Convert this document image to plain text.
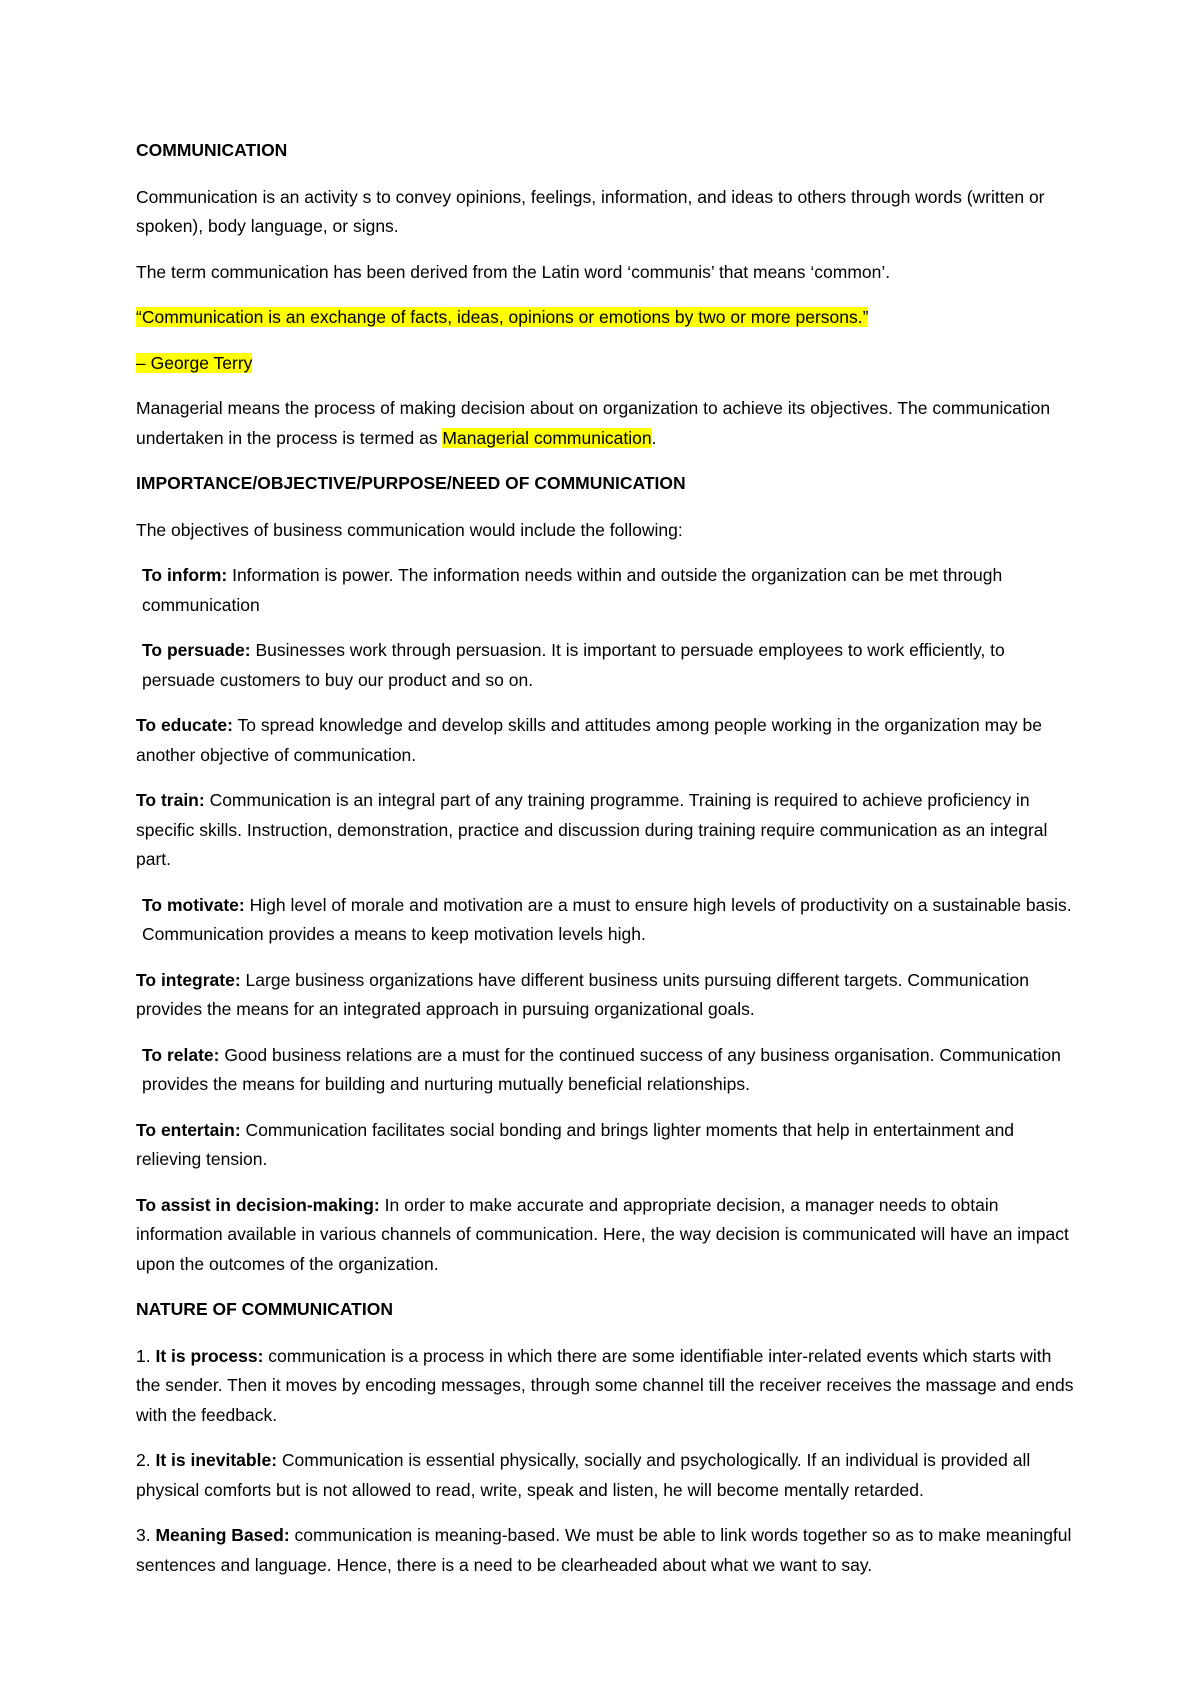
COMMUNICATION

Communication is an activity s to convey opinions, feelings, information, and ideas to others through words (written or spoken), body language, or signs.

The term communication has been derived from the Latin word ‘communis’ that means ‘common’.

“Communication is an exchange of facts, ideas, opinions or emotions by two or more persons.”

– George Terry

Managerial means the process of making decision about on organization to achieve its objectives. The communication undertaken in the process is termed as Managerial communication.

IMPORTANCE/OBJECTIVE/PURPOSE/NEED OF COMMUNICATION

The objectives of business communication would include the following:

To inform: Information is power. The information needs within and outside the organization can be met through communication

To persuade: Businesses work through persuasion. It is important to persuade employees to work efficiently, to persuade customers to buy our product and so on.

To educate: To spread knowledge and develop skills and attitudes among people working in the organization may be another objective of communication.

To train: Communication is an integral part of any training programme. Training is required to achieve proficiency in specific skills. Instruction, demonstration, practice and discussion during training require communication as an integral part.

To motivate: High level of morale and motivation are a must to ensure high levels of productivity on a sustainable basis. Communication provides a means to keep motivation levels high.

To integrate: Large business organizations have different business units pursuing different targets. Communication provides the means for an integrated approach in pursuing organizational goals.

To relate: Good business relations are a must for the continued success of any business organisation. Communication provides the means for building and nurturing mutually beneficial relationships.

To entertain: Communication facilitates social bonding and brings lighter moments that help in entertainment and relieving tension.

To assist in decision-making: In order to make accurate and appropriate decision, a manager needs to obtain information available in various channels of communication. Here, the way decision is communicated will have an impact upon the outcomes of the organization.

NATURE OF COMMUNICATION

1. It is process: communication is a process in which there are some identifiable inter-related events which starts with the sender. Then it moves by encoding messages, through some channel till the receiver receives the massage and ends with the feedback.

2. It is inevitable: Communication is essential physically, socially and psychologically. If an individual is provided all physical comforts but is not allowed to read, write, speak and listen, he will become mentally retarded.

3. Meaning Based: communication is meaning-based. We must be able to link words together so as to make meaningful sentences and language. Hence, there is a need to be clearheaded about what we want to say.
